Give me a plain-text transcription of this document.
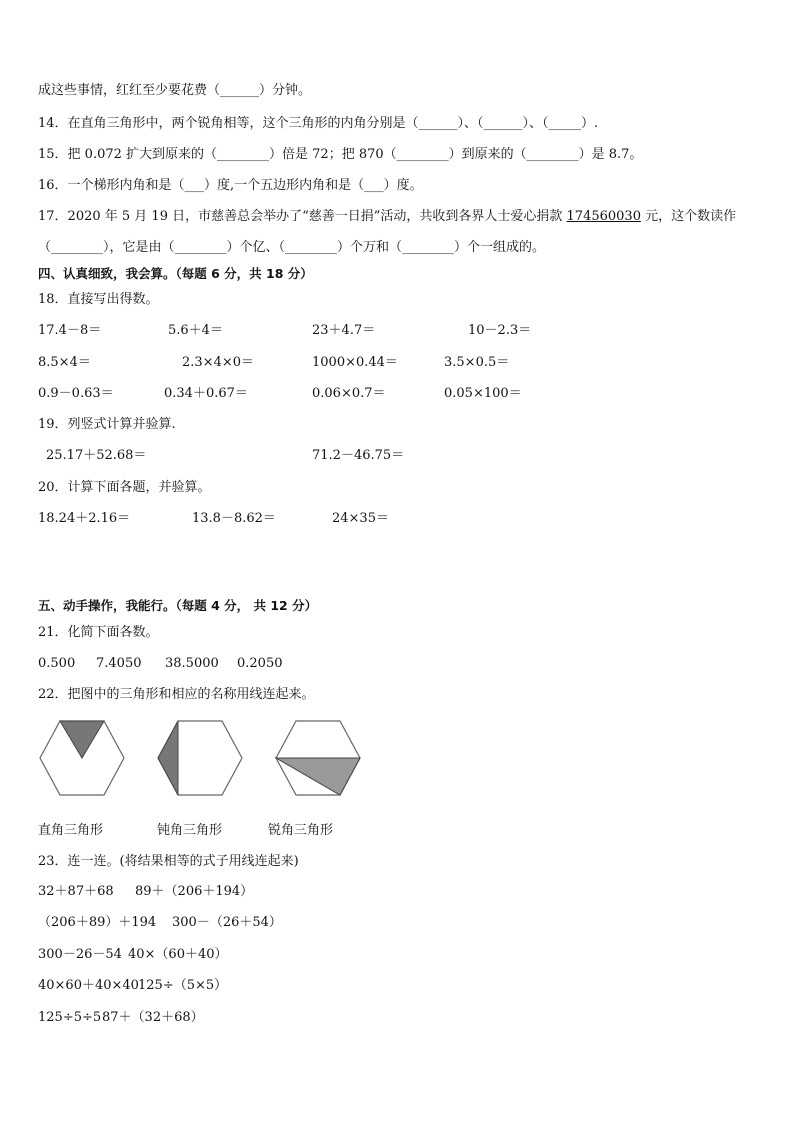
成这些事情，红红至少要花费（______）分钟。
14．在直角三角形中，两个锐角相等，这个三角形的内角分别是（______）、（______）、（_____）.
15．把 0.072 扩大到原来的（________）倍是 72；把 870（________）到原来的（________）是 8.7。
16．一个梯形内角和是（___）度,一个五边形内角和是（___）度。
17．2020 年 5 月 19 日，市慈善总会举办了“慈善一日捐”活动，共收到各界人士爱心捐款 174560030 元，这个数读作
（________），它是由（________）个亿、（________）个万和（________）个一组成的。
四、认真细致，我会算。（每题 6 分，共 18 分）
18．直接写出得数。
17.4－8＝	5.6＋4＝	23＋4.7＝	10－2.3＝
8.5×4＝	2.3×4×0＝	1000×0.44＝	3.5×0.5＝
0.9－0.63＝	0.34＋0.67＝	0.06×0.7＝	0.05×100＝
19．列竖式计算并验算.
25.17＋52.68＝	71.2－46.75＝
20．计算下面各题，并验算。
18.24＋2.16＝	13.8－8.62＝	24×35＝
五、动手操作，我能行。（每题 4 分， 共 12 分）
21．化简下面各数。
0.500 7.4050 38.5000 0.2050
22．把图中的三角形和相应的名称用线连起来。
直角三角形	钝角三角形	锐角三角形
23．连一连。(将结果相等的式子用线连起来)
32＋87＋68 89＋（206＋194）
（206＋89）＋194 300－（26＋54）
300－26－54 40×（60＋40）
40×60＋40×40 125÷（5×5）
125÷5÷5 87＋（32＋68）
